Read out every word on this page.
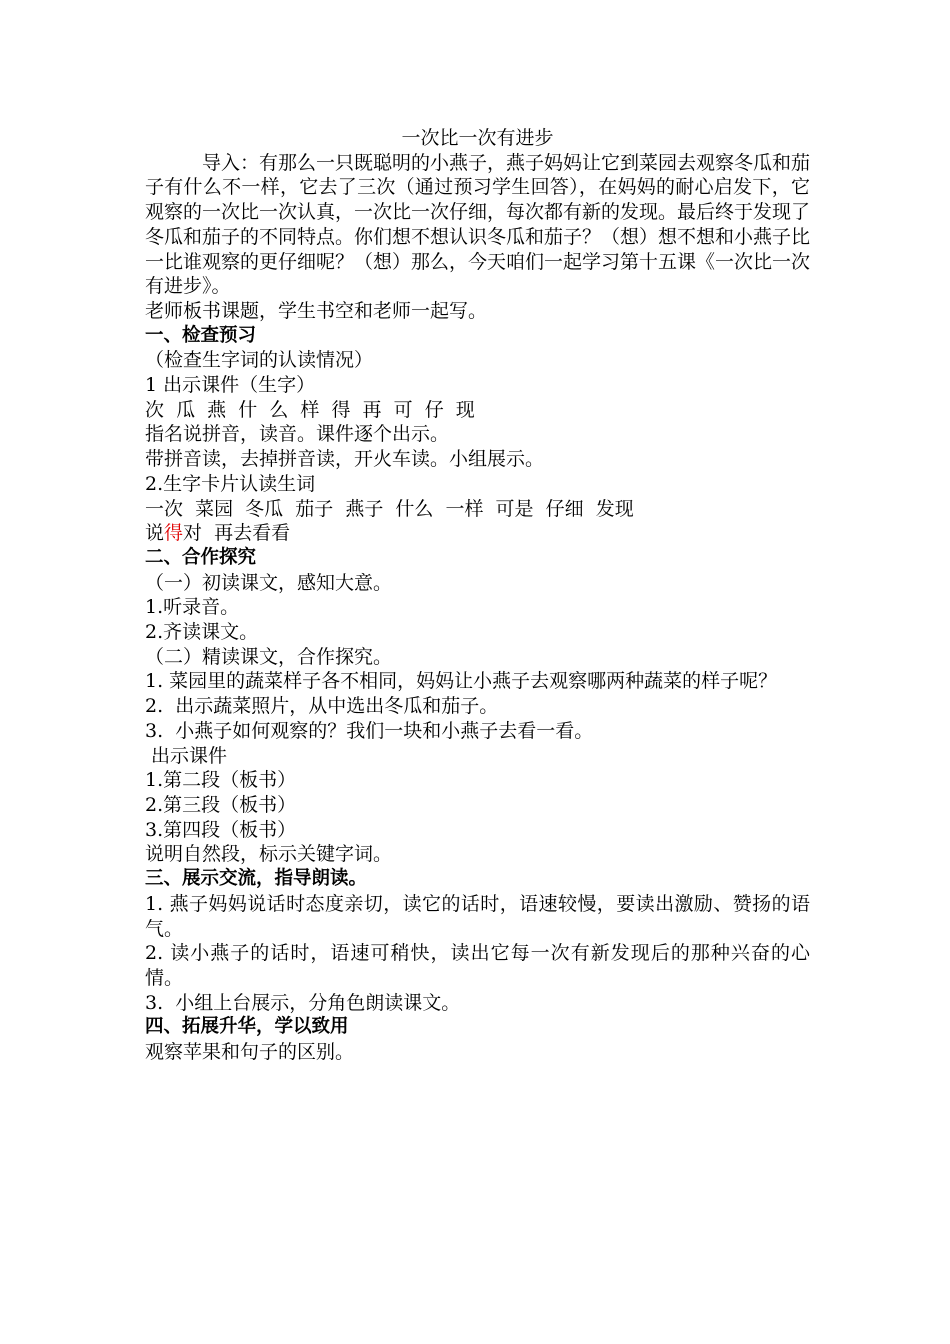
一次比一次有进步

导入：有那么一只既聪明的小燕子，燕子妈妈让它到菜园去观察冬瓜和茄子有什么不一样，它去了三次（通过预习学生回答），在妈妈的耐心启发下，它观察的一次比一次认真，一次比一次仔细，每次都有新的发现。最后终于发现了冬瓜和茄子的不同特点。你们想不想认识冬瓜和茄子？（想）想不想和小燕子比一比谁观察的更仔细呢？（想）那么，今天咱们一起学习第十五课《一次比一次有进步》。

老师板书课题，学生书空和老师一起写。

一、检查预习

（检查生字词的认读情况）

1 出示课件（生字）

次  瓜  燕  什  么  样  得  再  可  仔  现

指名说拼音，读音。课件逐个出示。

带拼音读，去掉拼音读，开火车读。小组展示。

2.生字卡片认读生词

一次  菜园  冬瓜  茄子  燕子  什么  一样  可是  仔细  发现

说得对  再去看看

二、合作探究

（一）初读课文，感知大意。

1.听录音。

2.齐读课文。

（二）精读课文，合作探究。

1. 菜园里的蔬菜样子各不相同，妈妈让小燕子去观察哪两种蔬菜的样子呢？

2.  出示蔬菜照片，从中选出冬瓜和茄子。

3.  小燕子如何观察的？我们一块和小燕子去看一看。

出示课件

1.第二段（板书）

2.第三段（板书）

3.第四段（板书）

说明自然段，标示关键字词。

三、展示交流，指导朗读。

1. 燕子妈妈说话时态度亲切，读它的话时，语速较慢，要读出激励、赞扬的语气。

2. 读小燕子的话时，语速可稍快，读出它每一次有新发现后的那种兴奋的心情。

3.  小组上台展示，分角色朗读课文。

四、拓展升华，学以致用

观察苹果和句子的区别。
